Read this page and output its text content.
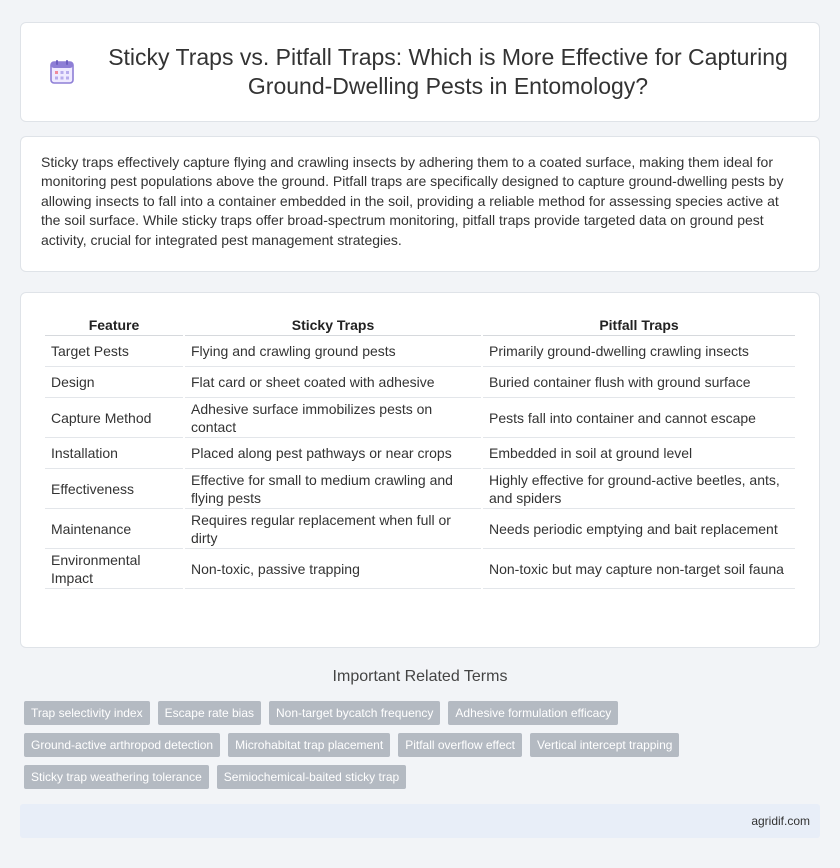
Sticky Traps vs. Pitfall Traps: Which is More Effective for Capturing Ground-Dwelling Pests in Entomology?

Sticky traps effectively capture flying and crawling insects by adhering them to a coated surface, making them ideal for monitoring pest populations above the ground. Pitfall traps are specifically designed to capture ground-dwelling pests by allowing insects to fall into a container embedded in the soil, providing a reliable method for assessing species active at the soil surface. While sticky traps offer broad-spectrum monitoring, pitfall traps provide targeted data on ground pest activity, crucial for integrated pest management strategies.

Feature	Sticky Traps	Pitfall Traps
Target Pests	Flying and crawling ground pests	Primarily ground-dwelling crawling insects
Design	Flat card or sheet coated with adhesive	Buried container flush with ground surface
Capture Method	Adhesive surface immobilizes pests on contact	Pests fall into container and cannot escape
Installation	Placed along pest pathways or near crops	Embedded in soil at ground level
Effectiveness	Effective for small to medium crawling and flying pests	Highly effective for ground-active beetles, ants, and spiders
Maintenance	Requires regular replacement when full or dirty	Needs periodic emptying and bait replacement
Environmental Impact	Non-toxic, passive trapping	Non-toxic but may capture non-target soil fauna
Important Related Terms
Trap selectivity index	Escape rate bias	Non-target bycatch frequency	Adhesive formulation efficacy
Ground-active arthropod detection	Microhabitat trap placement	Pitfall overflow effect	Vertical intercept trapping
Sticky trap weathering tolerance	Semiochemical-baited sticky trap
agridif.com
